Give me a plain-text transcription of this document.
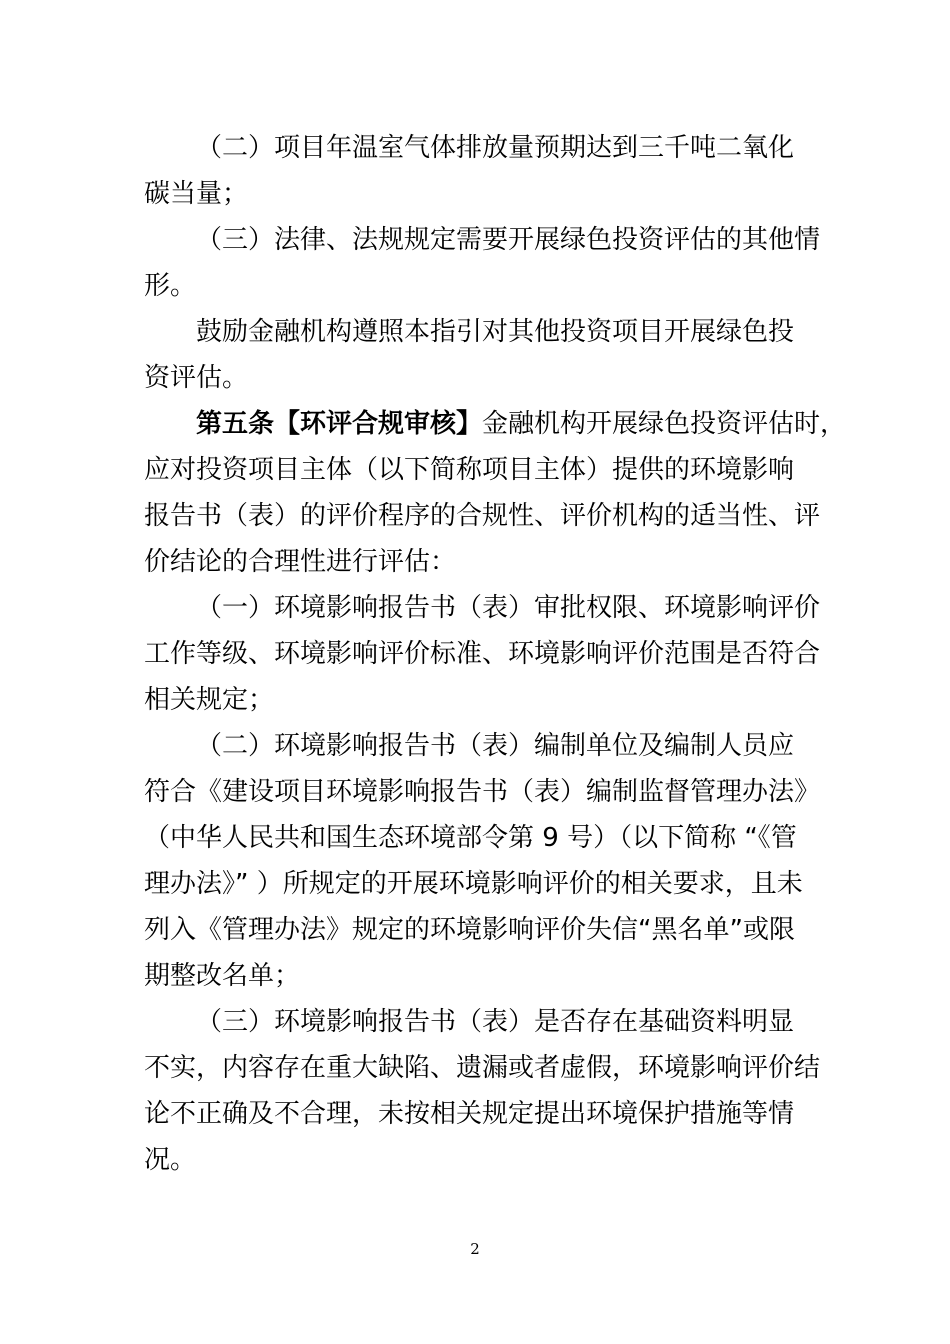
（二）项目年温室气体排放量预期达到三千吨二氧化
碳当量；
（三）法律、法规规定需要开展绿色投资评估的其他情
形。
鼓励金融机构遵照本指引对其他投资项目开展绿色投
资评估。
第五条【环评合规审核】金融机构开展绿色投资评估时，
应对投资项目主体（以下简称项目主体）提供的环境影响
报告书（表）的评价程序的合规性、评价机构的适当性、评
价结论的合理性进行评估：
（一）环境影响报告书（表）审批权限、环境影响评价
工作等级、环境影响评价标准、环境影响评价范围是否符合
相关规定；
（二）环境影响报告书（表）编制单位及编制人员应
符合《建设项目环境影响报告书（表）编制监督管理办法》
（中华人民共和国生态环境部令第 9 号）（以下简称 “《管
理办法》” ）所规定的开展环境影响评价的相关要求，且未
列入《管理办法》规定的环境影响评价失信“黑名单”或限
期整改名单；
（三）环境影响报告书（表）是否存在基础资料明显
不实，内容存在重大缺陷、遗漏或者虚假，环境影响评价结
论不正确及不合理，未按相关规定提出环境保护措施等情
况。
2
